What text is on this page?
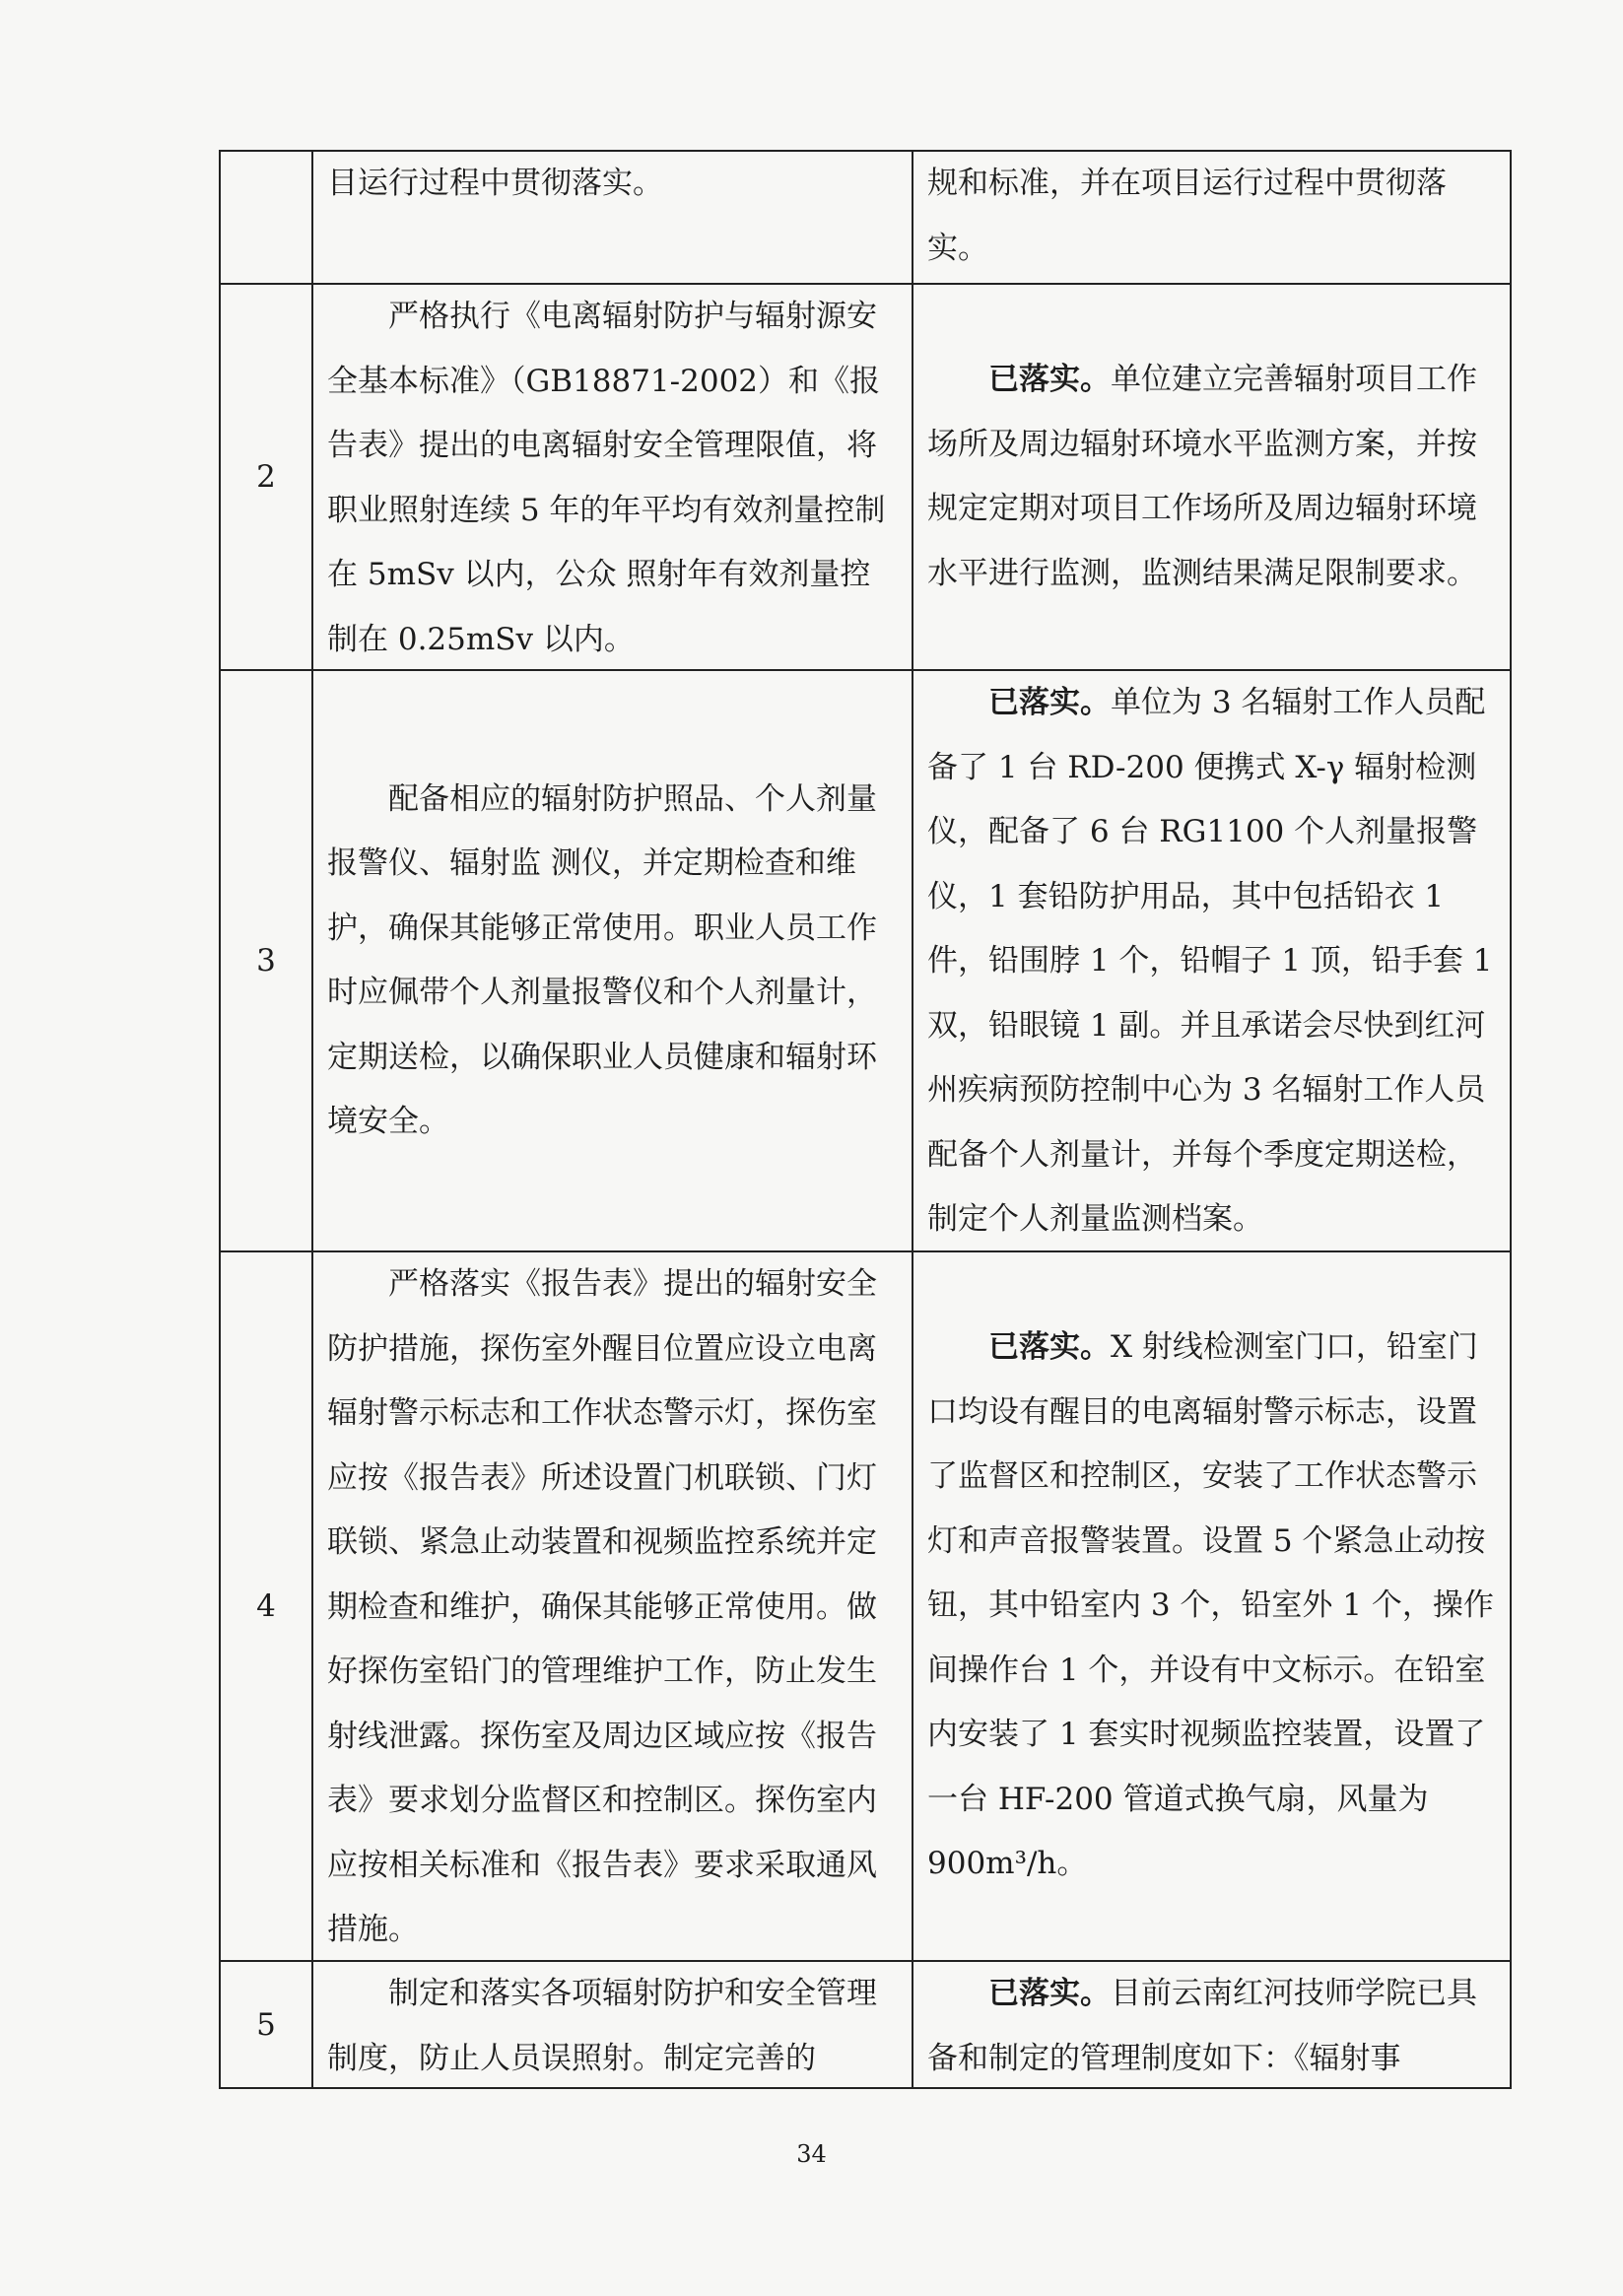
目运行过程中贯彻落实。	规和标准，并在项目运行过程中贯彻落实。

2

严格执行《电离辐射防护与辐射源安全基本标准》（GB18871-2002）和《报告表》提出的电离辐射安全管理限值，将职业照射连续 5 年的年平均有效剂量控制在 5mSv 以内，公众 照射年有效剂量控制在 0.25mSv 以内。

已落实。单位建立完善辐射项目工作场所及周边辐射环境水平监测方案，并按规定定期对项目工作场所及周边辐射环境水平进行监测，监测结果满足限制要求。

3

配备相应的辐射防护照品、个人剂量报警仪、辐射监 测仪，并定期检查和维护，确保其能够正常使用。职业人员工作时应佩带个人剂量报警仪和个人剂量计，定期送检，以确保职业人员健康和辐射环境安全。

已落实。单位为 3 名辐射工作人员配备了 1 台 RD-200 便携式 X-γ 辐射检测仪，配备了 6 台 RG1100 个人剂量报警仪，1 套铅防护用品，其中包括铅衣 1 件，铅围脖 1 个，铅帽子 1 顶，铅手套 1 双，铅眼镜 1 副。并且承诺会尽快到红河州疾病预防控制中心为 3 名辐射工作人员配备个人剂量计，并每个季度定期送检，制定个人剂量监测档案。

4

严格落实《报告表》提出的辐射安全防护措施，探伤室外醒目位置应设立电离辐射警示标志和工作状态警示灯，探伤室应按《报告表》所述设置门机联锁、门灯联锁、紧急止动装置和视频监控系统并定期检查和维护，确保其能够正常使用。做好探伤室铅门的管理维护工作，防止发生射线泄露。探伤室及周边区域应按《报告表》要求划分监督区和控制区。探伤室内应按相关标准和《报告表》要求采取通风措施。

已落实。X 射线检测室门口，铅室门口均设有醒目的电离辐射警示标志，设置了监督区和控制区，安装了工作状态警示灯和声音报警装置。设置 5 个紧急止动按钮，其中铅室内 3 个，铅室外 1 个，操作间操作台 1 个，并设有中文标示。在铅室内安装了 1 套实时视频监控装置，设置了一台 HF-200 管道式换气扇，风量为 900m³/h。

5

制定和落实各项辐射防护和安全管理制度，防止人员误照射。制定完善的

已落实。目前云南红河技师学院已具备和制定的管理制度如下：《辐射事

34
